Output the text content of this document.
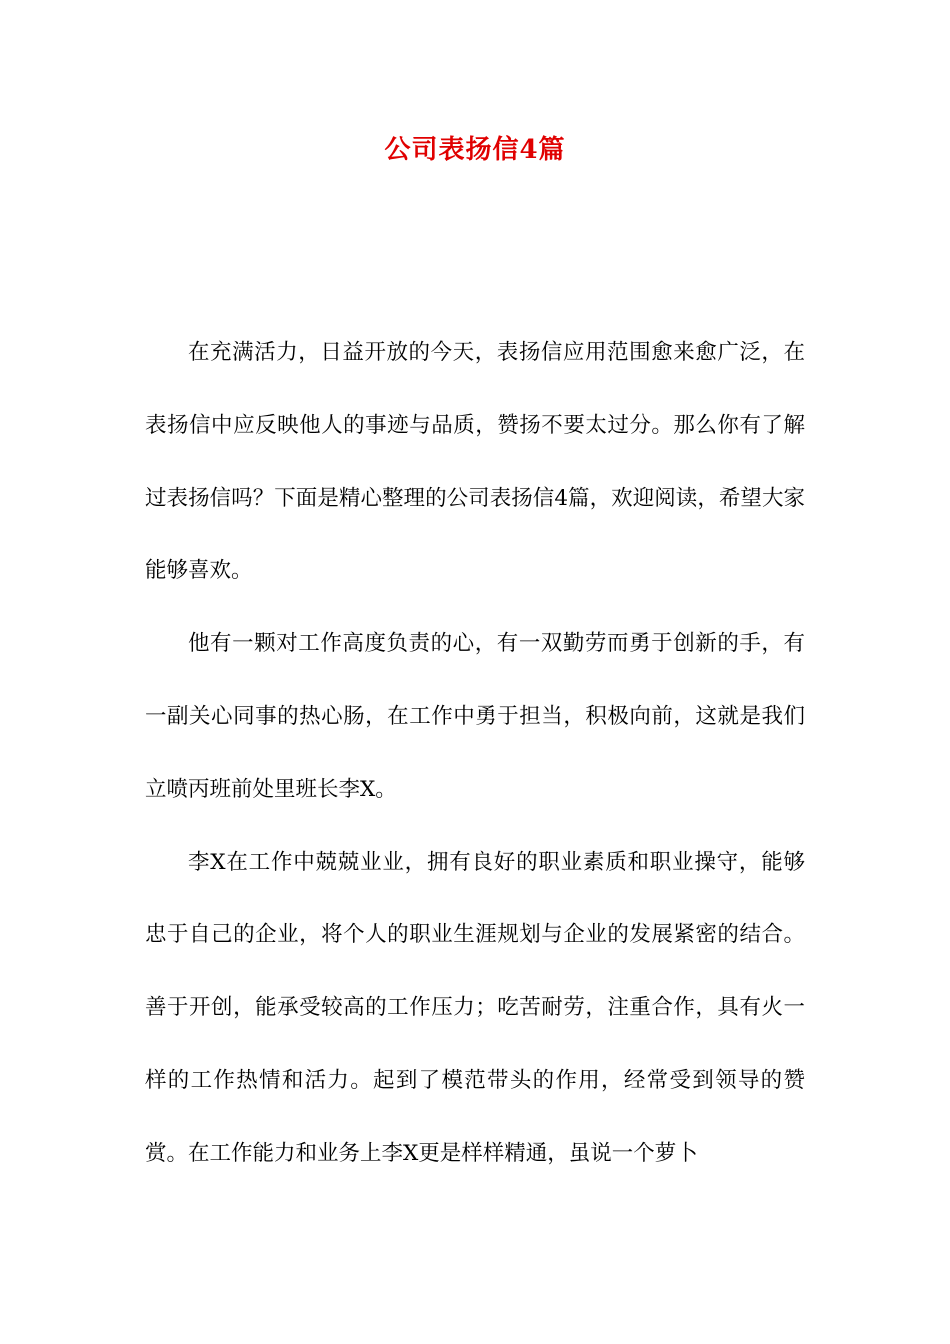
公司表扬信4篇

在充满活力，日益开放的今天，表扬信应用范围愈来愈广泛，在表扬信中应反映他人的事迹与品质，赞扬不要太过分。那么你有了解过表扬信吗？下面是精心整理的公司表扬信4篇，欢迎阅读，希望大家能够喜欢。

他有一颗对工作高度负责的心，有一双勤劳而勇于创新的手，有一副关心同事的热心肠，在工作中勇于担当，积极向前，这就是我们立喷丙班前处里班长李X。

李X在工作中兢兢业业，拥有良好的职业素质和职业操守，能够忠于自己的企业，将个人的职业生涯规划与企业的发展紧密的结合。善于开创，能承受较高的工作压力；吃苦耐劳，注重合作，具有火一样的工作热情和活力。起到了模范带头的作用，经常受到领导的赞赏。在工作能力和业务上李X更是样样精通，虽说一个萝卜
